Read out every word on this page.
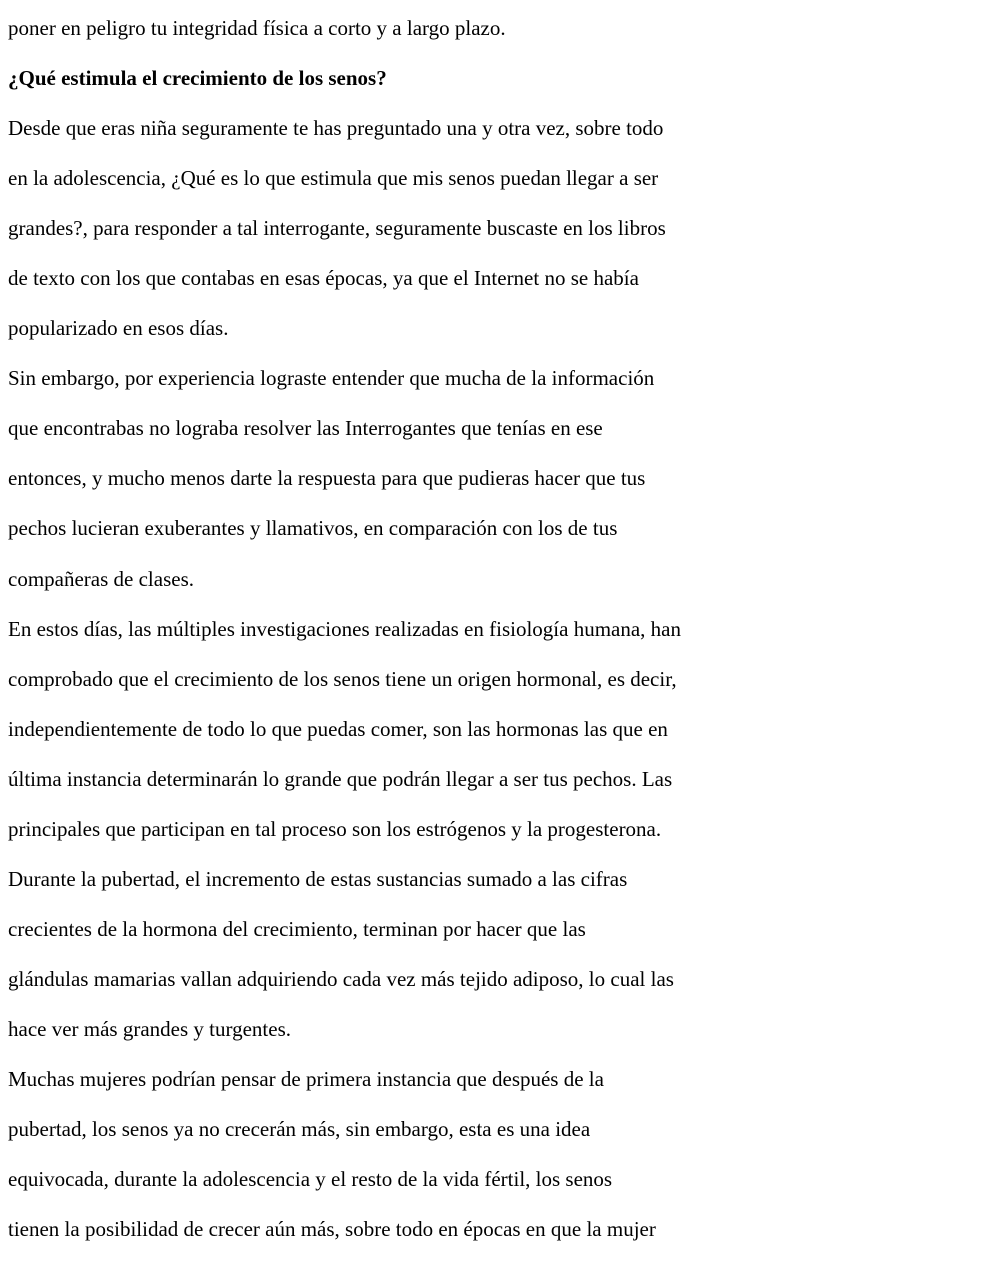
poner en peligro tu integridad física a corto y a largo plazo.
¿Qué estimula el crecimiento de los senos?
Desde que eras niña seguramente te has preguntado una y otra vez, sobre todo
en la adolescencia, ¿Qué es lo que estimula que mis senos puedan llegar a ser
grandes?, para responder a tal interrogante, seguramente buscaste en los libros
de texto con los que contabas en esas épocas, ya que el Internet no se había
popularizado en esos días.
Sin embargo, por experiencia lograste entender que mucha de la información
que encontrabas no lograba resolver las Interrogantes que tenías en ese
entonces, y mucho menos darte la respuesta para que pudieras hacer que tus
pechos lucieran exuberantes y llamativos, en comparación con los de tus
compañeras de clases.
En estos días, las múltiples investigaciones realizadas en fisiología humana, han
comprobado que el crecimiento de los senos tiene un origen hormonal, es decir,
independientemente de todo lo que puedas comer, son las hormonas las que en
última instancia determinarán lo grande que podrán llegar a ser tus pechos. Las
principales que participan en tal proceso son los estrógenos y la progesterona.
Durante la pubertad, el incremento de estas sustancias sumado a las cifras
crecientes de la hormona del crecimiento, terminan por hacer que las
glándulas mamarias vallan adquiriendo cada vez más tejido adiposo, lo cual las
hace ver más grandes y turgentes.
Muchas mujeres podrían pensar de primera instancia que después de la
pubertad, los senos ya no crecerán más, sin embargo, esta es una idea
equivocada, durante la adolescencia y el resto de la vida fértil, los senos
tienen la posibilidad de crecer aún más, sobre todo en épocas en que la mujer
